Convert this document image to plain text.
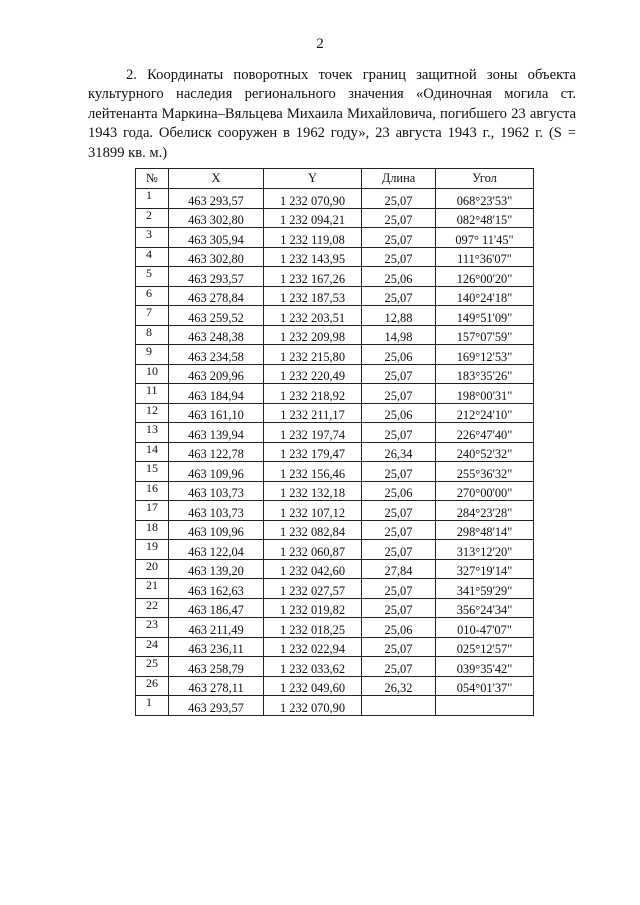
2

2. Координаты поворотных точек границ защитной зоны объекта культурного наследия регионального значения «Одиночная могила ст. лейтенанта Маркина–Вяльцева Михаила Михайловича, погибшего 23 августа 1943 года. Обелиск сооружен в 1962 году», 23 августа 1943 г., 1962 г. (S = 31899 кв. м.)

№	X	Y	Длина	Угол
1	463 293,57	1 232 070,90	25,07	068°23'53"
2	463 302,80	1 232 094,21	25,07	082°48'15"
3	463 305,94	1 232 119,08	25,07	097° 11'45"
4	463 302,80	1 232 143,95	25,07	111°36'07"
5	463 293,57	1 232 167,26	25,06	126°00'20"
6	463 278,84	1 232 187,53	25,07	140°24'18"
7	463 259,52	1 232 203,51	12,88	149°51'09"
8	463 248,38	1 232 209,98	14,98	157°07'59"
9	463 234,58	1 232 215,80	25,06	169°12'53"
10	463 209,96	1 232 220,49	25,07	183°35'26"
11	463 184,94	1 232 218,92	25,07	198°00'31"
12	463 161,10	1 232 211,17	25,06	212°24'10"
13	463 139,94	1 232 197,74	25,07	226°47'40"
14	463 122,78	1 232 179,47	26,34	240°52'32"
15	463 109,96	1 232 156,46	25,07	255°36'32"
16	463 103,73	1 232 132,18	25,06	270°00'00"
17	463 103,73	1 232 107,12	25,07	284°23'28"
18	463 109,96	1 232 082,84	25,07	298°48'14"
19	463 122,04	1 232 060,87	25,07	313°12'20"
20	463 139,20	1 232 042,60	27,84	327°19'14"
21	463 162,63	1 232 027,57	25,07	341°59'29"
22	463 186,47	1 232 019,82	25,07	356°24'34"
23	463 211,49	1 232 018,25	25,06	010-47'07"
24	463 236,11	1 232 022,94	25,07	025°12'57"
25	463 258,79	1 232 033,62	25,07	039°35'42"
26	463 278,11	1 232 049,60	26,32	054°01'37"
1	463 293,57	1 232 070,90		
